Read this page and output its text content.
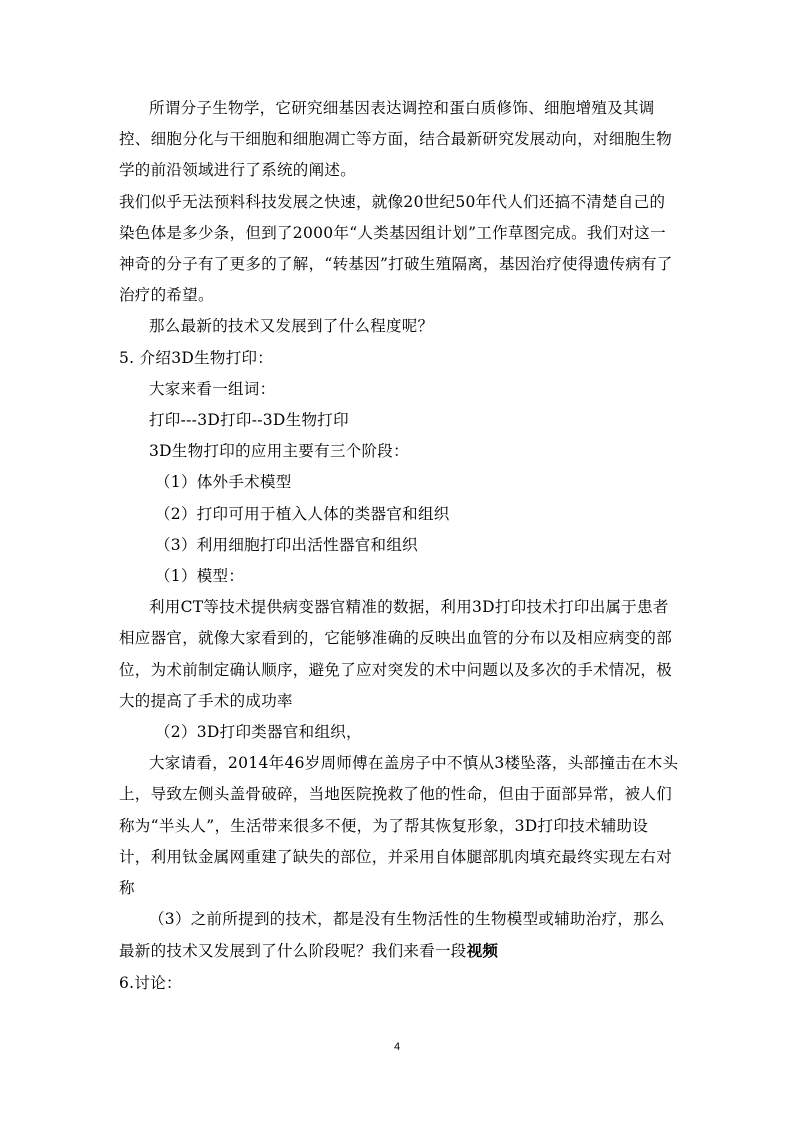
所谓分子生物学，它研究细基因表达调控和蛋白质修饰、细胞增殖及其调控、细胞分化与干细胞和细胞凋亡等方面，结合最新研究发展动向，对细胞生物学的前沿领域进行了系统的阐述。

我们似乎无法预料科技发展之快速，就像20世纪50年代人们还搞不清楚自己的染色体是多少条，但到了2000年“人类基因组计划”工作草图完成。我们对这一神奇的分子有了更多的了解，“转基因”打破生殖隔离，基因治疗使得遗传病有了治疗的希望。

那么最新的技术又发展到了什么程度呢？

5. 介绍3D生物打印：

大家来看一组词：

打印---3D打印--3D生物打印

3D生物打印的应用主要有三个阶段：

（1）体外手术模型

（2）打印可用于植入人体的类器官和组织

（3）利用细胞打印出活性器官和组织

（1）模型：

利用CT等技术提供病变器官精准的数据，利用3D打印技术打印出属于患者相应器官，就像大家看到的，它能够准确的反映出血管的分布以及相应病变的部位，为术前制定确认顺序，避免了应对突发的术中问题以及多次的手术情况，极大的提高了手术的成功率

（2）3D打印类器官和组织，

大家请看，2014年46岁周师傅在盖房子中不慎从3楼坠落，头部撞击在木头上，导致左侧头盖骨破碎，当地医院挽救了他的性命，但由于面部异常，被人们称为“半头人”，生活带来很多不便，为了帮其恢复形象，3D打印技术辅助设计，利用钛金属网重建了缺失的部位，并采用自体腿部肌肉填充最终实现左右对称

（3）之前所提到的技术，都是没有生物活性的生物模型或辅助治疗，那么最新的技术又发展到了什么阶段呢？我们来看一段视频

6.讨论：

4
